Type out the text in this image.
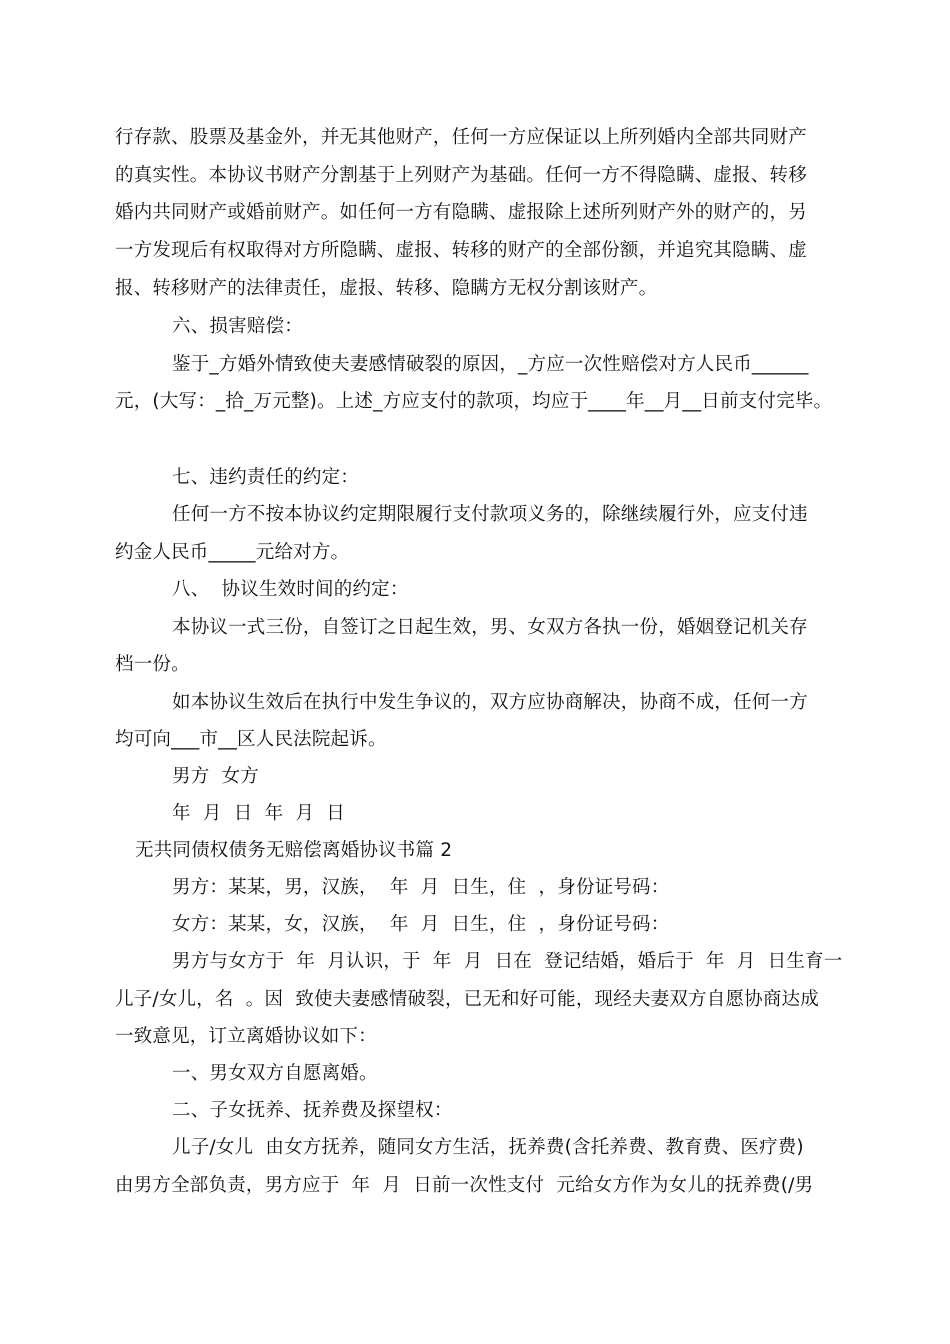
行存款、股票及基金外，并无其他财产，任何一方应保证以上所列婚内全部共同财产
的真实性。本协议书财产分割基于上列财产为基础。任何一方不得隐瞒、虚报、转移
婚内共同财产或婚前财产。如任何一方有隐瞒、虚报除上述所列财产外的财产的，另
一方发现后有权取得对方所隐瞒、虚报、转移的财产的全部份额，并追究其隐瞒、虚
报、转移财产的法律责任，虚报、转移、隐瞒方无权分割该财产。
六、损害赔偿：
鉴于_方婚外情致使夫妻感情破裂的原因，_方应一次性赔偿对方人民币______
元，(大写：_拾_万元整)。上述_方应支付的款项，均应于____年__月__日前支付完毕。
七、违约责任的约定：
任何一方不按本协议约定期限履行支付款项义务的，除继续履行外，应支付违
约金人民币_____元给对方。
八、  协议生效时间的约定：
本协议一式三份，自签订之日起生效，男、女双方各执一份，婚姻登记机关存
档一份。
如本协议生效后在执行中发生争议的，双方应协商解决，协商不成，任何一方
均可向___市__区人民法院起诉。
男方  女方
年  月  日  年  月  日
无共同债权债务无赔偿离婚协议书篇 2
男方：某某，男，汉族，  年  月  日生，住  ，身份证号码：
女方：某某，女，汉族，  年  月  日生，住  ，身份证号码：
男方与女方于  年  月认识，于  年  月  日在  登记结婚，婚后于  年  月  日生育一
儿子/女儿，名  。因  致使夫妻感情破裂，已无和好可能，现经夫妻双方自愿协商达成
一致意见，订立离婚协议如下：
一、男女双方自愿离婚。
二、子女抚养、抚养费及探望权：
儿子/女儿  由女方抚养，随同女方生活，抚养费(含托养费、教育费、医疗费)
由男方全部负责，男方应于  年  月  日前一次性支付  元给女方作为女儿的抚养费(/男
